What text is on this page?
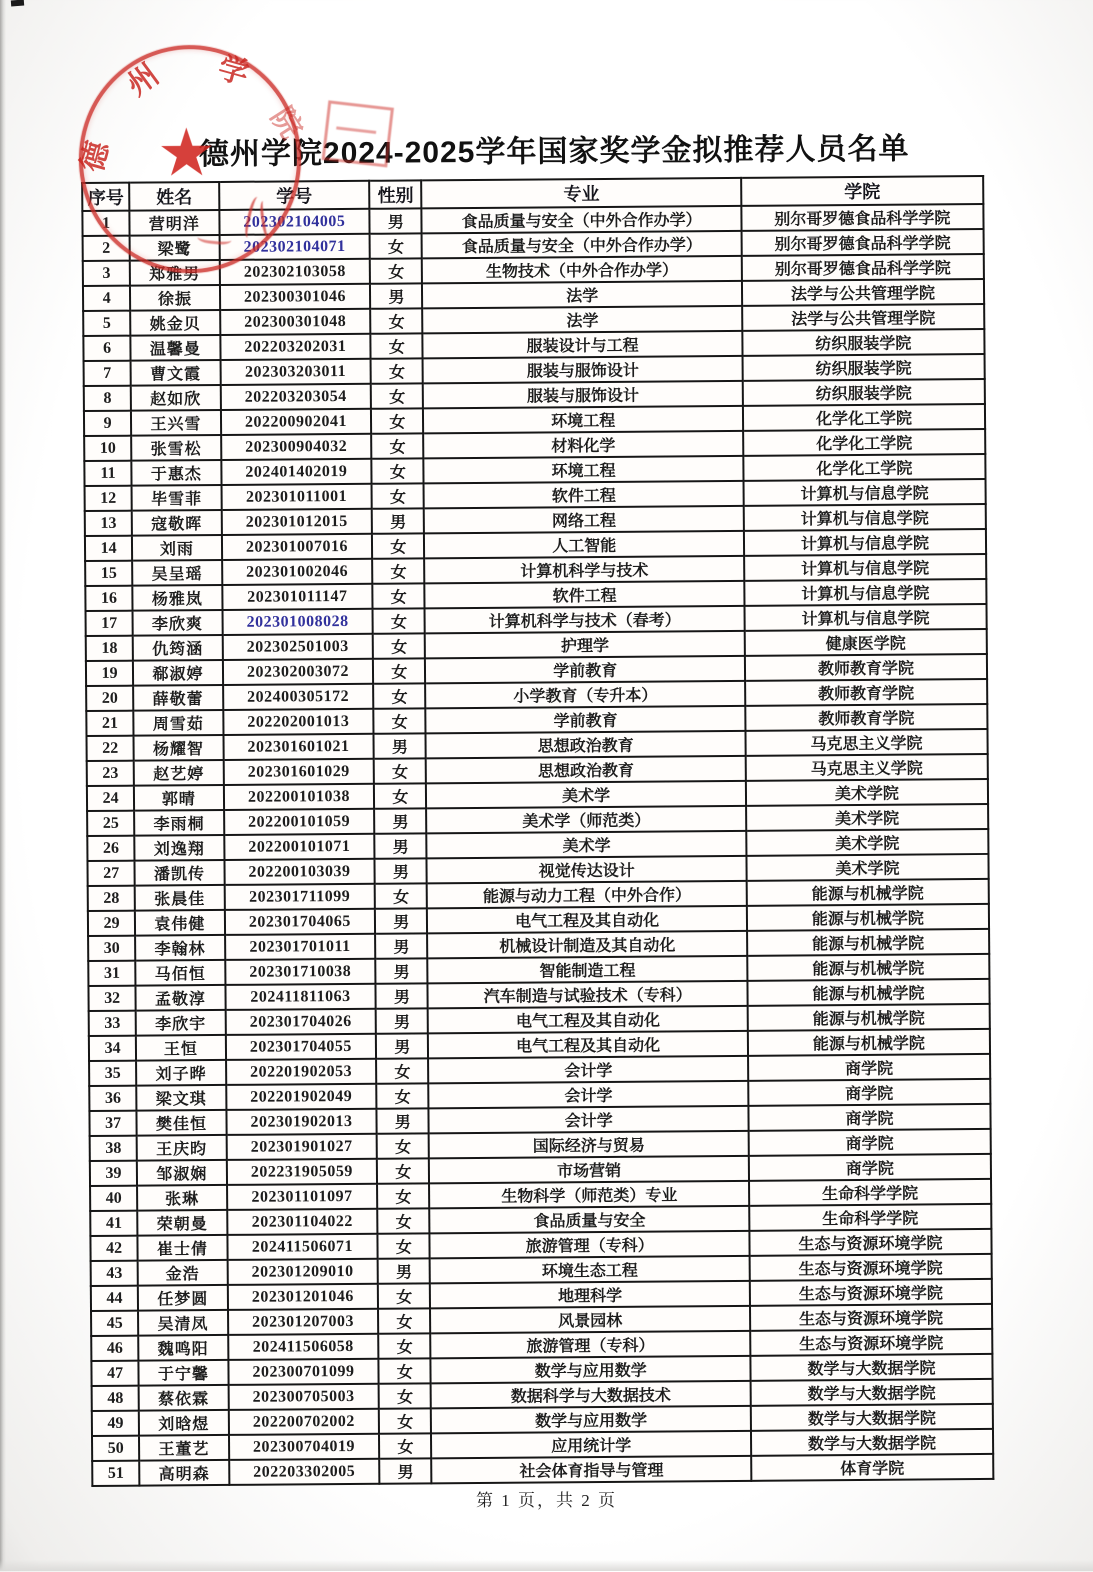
德州学院2024-2025学年国家奖学金拟推荐人员名单
序号	姓名	学号	性别	专业	学院
1	营明洋	202302104005	男	食品质量与安全（中外合作办学）	别尔哥罗德食品科学学院
2	梁鹭	202302104071	女	食品质量与安全（中外合作办学）	别尔哥罗德食品科学学院
3	郑雅男	202302103058	女	生物技术（中外合作办学）	别尔哥罗德食品科学学院
4	徐振	202300301046	男	法学	法学与公共管理学院
5	姚金贝	202300301048	女	法学	法学与公共管理学院
6	温馨曼	202203202031	女	服装设计与工程	纺织服装学院
7	曹文霞	202303203011	女	服装与服饰设计	纺织服装学院
8	赵如欣	202203203054	女	服装与服饰设计	纺织服装学院
9	王兴雪	202200902041	女	环境工程	化学化工学院
10	张雪松	202300904032	女	材料化学	化学化工学院
11	于惠杰	202401402019	女	环境工程	化学化工学院
12	毕雪菲	202301011001	女	软件工程	计算机与信息学院
13	寇敬晖	202301012015	男	网络工程	计算机与信息学院
14	刘雨	202301007016	女	人工智能	计算机与信息学院
15	吴呈瑶	202301002046	女	计算机科学与技术	计算机与信息学院
16	杨雅岚	202301011147	女	软件工程	计算机与信息学院
17	李欣爽	202301008028	女	计算机科学与技术（春考）	计算机与信息学院
18	仇筠涵	202302501003	女	护理学	健康医学院
19	郗淑婷	202302003072	女	学前教育	教师教育学院
20	薛敬蕾	202400305172	女	小学教育（专升本）	教师教育学院
21	周雪茹	202202001013	女	学前教育	教师教育学院
22	杨耀智	202301601021	男	思想政治教育	马克思主义学院
23	赵艺婷	202301601029	女	思想政治教育	马克思主义学院
24	郭晴	202200101038	女	美术学	美术学院
25	李雨桐	202200101059	男	美术学（师范类）	美术学院
26	刘逸翔	202200101071	男	美术学	美术学院
27	潘凯传	202200103039	男	视觉传达设计	美术学院
28	张晨佳	202301711099	女	能源与动力工程（中外合作）	能源与机械学院
29	袁伟健	202301704065	男	电气工程及其自动化	能源与机械学院
30	李翰林	202301701011	男	机械设计制造及其自动化	能源与机械学院
31	马佰恒	202301710038	男	智能制造工程	能源与机械学院
32	孟敬淳	202411811063	男	汽车制造与试验技术（专科）	能源与机械学院
33	李欣宇	202301704026	男	电气工程及其自动化	能源与机械学院
34	王恒	202301704055	男	电气工程及其自动化	能源与机械学院
35	刘子晔	202201902053	女	会计学	商学院
36	梁文琪	202201902049	女	会计学	商学院
37	樊佳恒	202301902013	男	会计学	商学院
38	王庆昀	202301901027	女	国际经济与贸易	商学院
39	邹淑娴	202231905059	女	市场营销	商学院
40	张琳	202301101097	女	生物科学（师范类）专业	生命科学学院
41	荣朝曼	202301104022	女	食品质量与安全	生命科学学院
42	崔士倩	202411506071	女	旅游管理（专科）	生态与资源环境学院
43	金浩	202301209010	男	环境生态工程	生态与资源环境学院
44	任梦圆	202301201046	女	地理科学	生态与资源环境学院
45	吴清凤	202301207003	女	风景园林	生态与资源环境学院
46	魏鸣阳	202411506058	女	旅游管理（专科）	生态与资源环境学院
47	于宁馨	202300701099	女	数学与应用数学	数学与大数据学院
48	蔡依霖	202300705003	女	数据科学与大数据技术	数学与大数据学院
49	刘晗煜	202200702002	女	数学与应用数学	数学与大数据学院
50	王董艺	202300704019	女	应用统计学	数学与大数据学院
51	高明森	202203302005	男	社会体育指导与管理	体育学院
德
州 学
院
★
第 1 页，共 2 页
